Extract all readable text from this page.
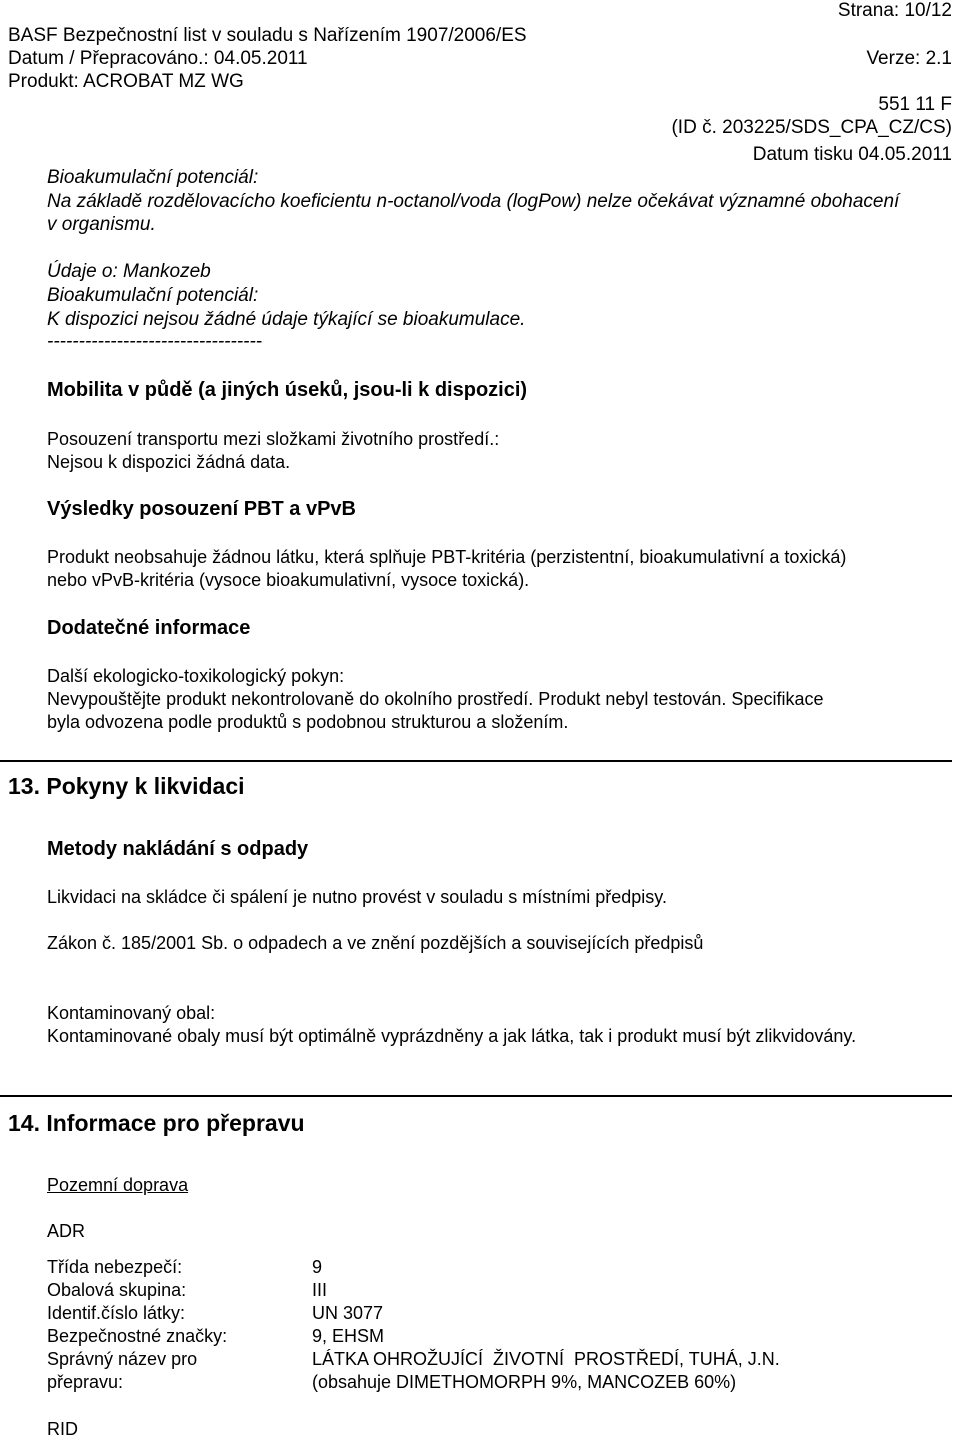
Strana: 10/12
BASF Bezpečnostní list v souladu s Nařízením 1907/2006/ES
Datum / Přepracováno.: 04.05.2011	Verze: 2.1
Produkt: ACROBAT MZ WG
551 11 F
(ID č. 203225/SDS_CPA_CZ/CS)
Datum tisku 04.05.2011
Bioakumulační potenciál:
Na základě rozdělovacícho koeficientu n-octanol/voda (logPow) nelze očekávat významné obohacení
v organismu.
Údaje o: Mankozeb
Bioakumulační potenciál:
K dispozici nejsou žádné údaje týkající se bioakumulace.
----------------------------------
Mobilita v půdě (a jiných úseků, jsou-li k dispozici)
Posouzení transportu mezi složkami životního prostředí.:
Nejsou k dispozici žádná data.
Výsledky posouzení PBT a vPvB
Produkt neobsahuje žádnou látku, která splňuje PBT-kritéria (perzistentní, bioakumulativní a toxická)
nebo vPvB-kritéria (vysoce bioakumulativní, vysoce toxická).
Dodatečné informace
Další ekologicko-toxikologický pokyn:
Nevypouštějte produkt nekontrolovaně do okolního prostředí. Produkt nebyl testován. Specifikace
byla odvozena podle produktů s podobnou strukturou a složením.
13. Pokyny k likvidaci
Metody nakládání s odpady
Likvidaci na skládce či spálení je nutno provést v souladu s místními předpisy.
Zákon č. 185/2001 Sb. o odpadech a ve znění pozdějších a souvisejících předpisů
Kontaminovaný obal:
Kontaminované obaly musí být optimálně vyprázdněny a jak látka, tak i produkt musí být zlikvidovány.
14. Informace pro přepravu
Pozemní doprava
ADR
Třída nebezpečí:	9
Obalová skupina:	III
Identif.číslo látky:	UN 3077
Bezpečnostné značky:	9, EHSM
Správný název pro	LÁTKA OHROŽUJÍCÍ  ŽIVOTNÍ  PROSTŘEDÍ, TUHÁ, J.N.
přepravu:	(obsahuje DIMETHOMORPH 9%, MANCOZEB 60%)
RID
